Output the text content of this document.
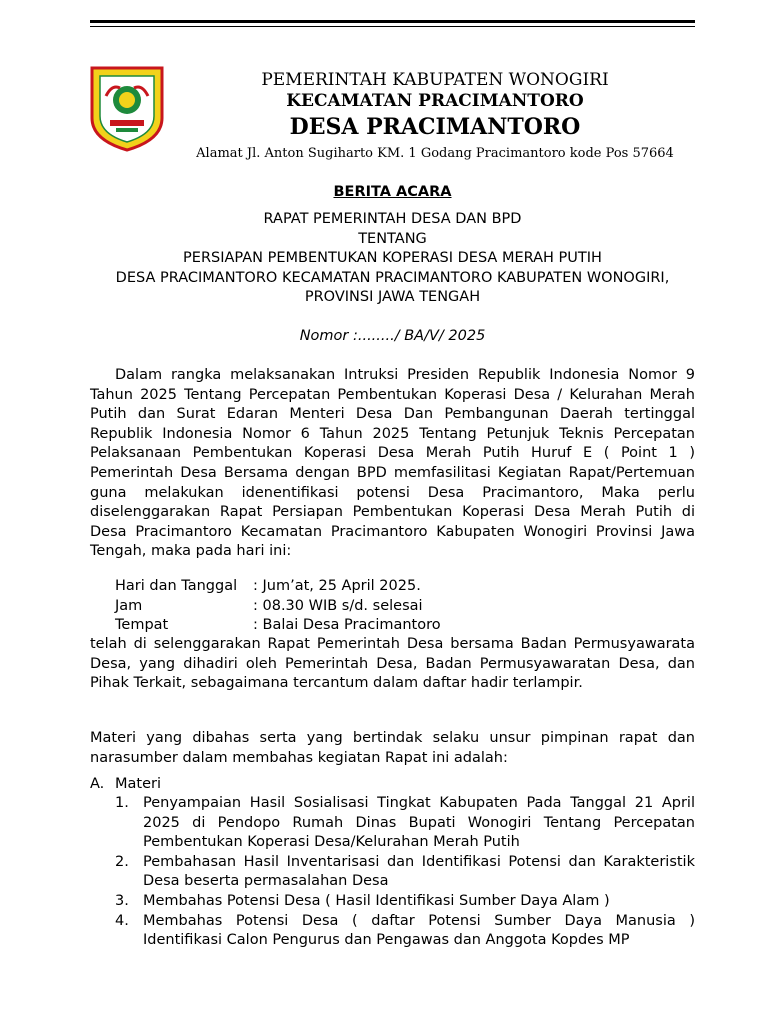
PEMERINTAH KABUPATEN WONOGIRI
KECAMATAN PRACIMANTORO
DESA PRACIMANTORO
Alamat Jl. Anton Sugiharto KM. 1 Godang Pracimantoro kode Pos 57664
BERITA ACARA
RAPAT PEMERINTAH DESA DAN BPD
TENTANG
PERSIAPAN PEMBENTUKAN KOPERASI DESA MERAH PUTIH
DESA PRACIMANTORO KECAMATAN PRACIMANTORO KABUPATEN WONOGIRI,
PROVINSI JAWA TENGAH
Nomor :......../ BA/V/ 2025
Dalam rangka melaksanakan Intruksi Presiden Republik Indonesia Nomor 9 Tahun 2025 Tentang Percepatan Pembentukan Koperasi Desa / Kelurahan Merah Putih dan Surat Edaran Menteri Desa Dan Pembangunan Daerah tertinggal Republik Indonesia Nomor 6 Tahun 2025 Tentang Petunjuk Teknis Percepatan Pelaksanaan Pembentukan Koperasi Desa Merah Putih Huruf E ( Point 1 ) Pemerintah Desa Bersama dengan BPD memfasilitasi Kegiatan Rapat/Pertemuan guna melakukan idenentifikasi potensi Desa Pracimantoro, Maka perlu diselenggarakan Rapat Persiapan Pembentukan Koperasi Desa Merah Putih di Desa Pracimantoro Kecamatan Pracimantoro Kabupaten Wonogiri Provinsi Jawa Tengah, maka pada hari ini:
Hari dan Tanggal	: Jum’at, 25 April 2025.
Jam	: 08.30 WIB s/d. selesai
Tempat	: Balai Desa Pracimantoro
telah di selenggarakan Rapat Pemerintah Desa bersama Badan Permusyawarata Desa, yang dihadiri oleh Pemerintah Desa, Badan Permusyawaratan Desa, dan Pihak Terkait, sebagaimana tercantum dalam daftar hadir terlampir.
Materi yang dibahas serta yang bertindak selaku unsur pimpinan rapat dan narasumber dalam membahas kegiatan Rapat ini adalah:
A. Materi
1. Penyampaian Hasil Sosialisasi Tingkat Kabupaten Pada Tanggal 21 April 2025 di Pendopo Rumah Dinas Bupati Wonogiri Tentang Percepatan Pembentukan Koperasi Desa/Kelurahan Merah Putih
2. Pembahasan Hasil Inventarisasi dan Identifikasi Potensi dan Karakteristik Desa beserta permasalahan Desa
3. Membahas Potensi Desa ( Hasil Identifikasi Sumber Daya Alam )
4. Membahas Potensi Desa ( daftar Potensi Sumber Daya Manusia ) Identifikasi Calon Pengurus dan Pengawas dan Anggota Kopdes MP
